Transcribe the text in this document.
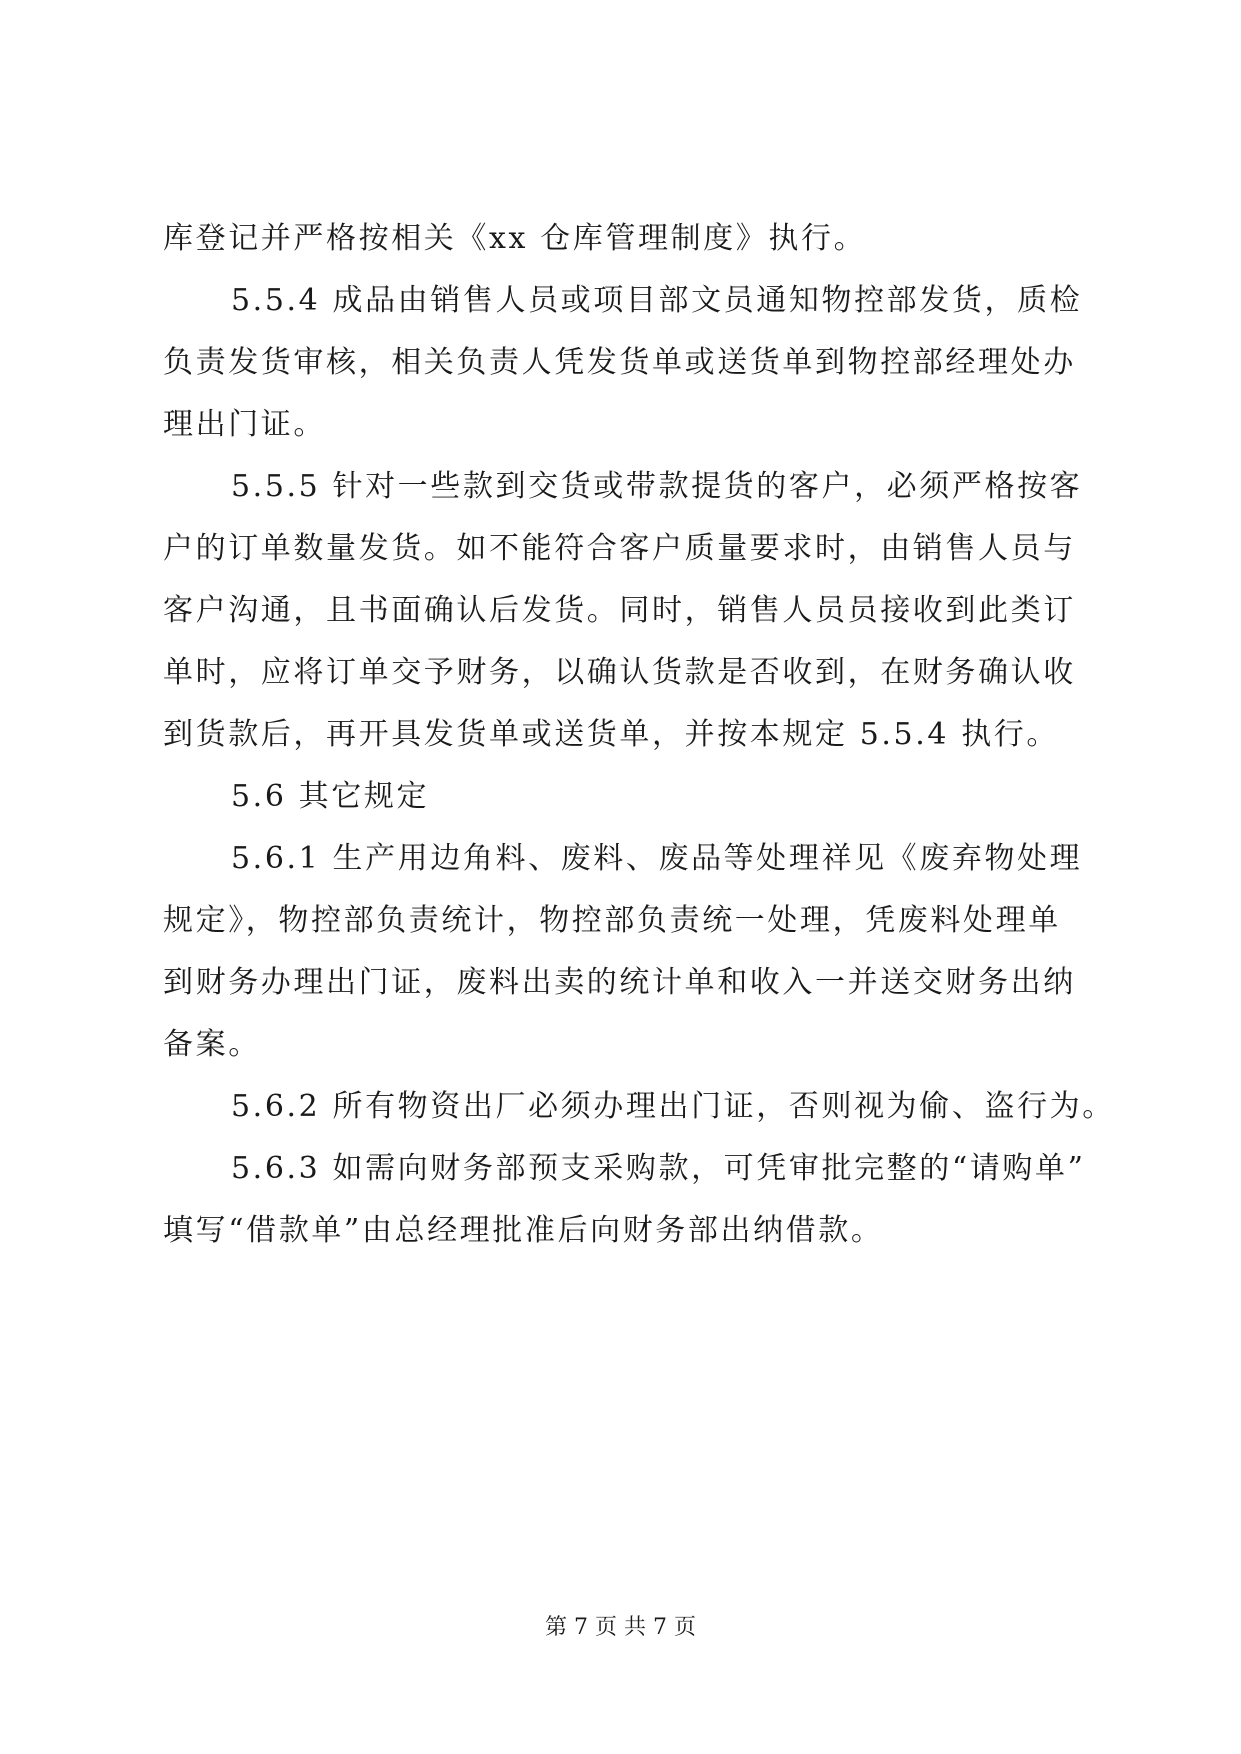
库登记并严格按相关《xx 仓库管理制度》执行。
5.5.4 成品由销售人员或项目部文员通知物控部发货，质检
负责发货审核，相关负责人凭发货单或送货单到物控部经理处办
理出门证。
5.5.5 针对一些款到交货或带款提货的客户，必须严格按客
户的订单数量发货。如不能符合客户质量要求时，由销售人员与
客户沟通，且书面确认后发货。同时，销售人员员接收到此类订
单时，应将订单交予财务，以确认货款是否收到，在财务确认收
到货款后，再开具发货单或送货单，并按本规定 5.5.4 执行。
5.6 其它规定
5.6.1 生产用边角料、废料、废品等处理祥见《废弃物处理
规定》，物控部负责统计，物控部负责统一处理，凭废料处理单
到财务办理出门证，废料出卖的统计单和收入一并送交财务出纳
备案。
5.6.2 所有物资出厂必须办理出门证，否则视为偷、盗行为。
5.6.3 如需向财务部预支采购款，可凭审批完整的“请购单”
填写“借款单”由总经理批准后向财务部出纳借款。
第 7 页 共 7 页
